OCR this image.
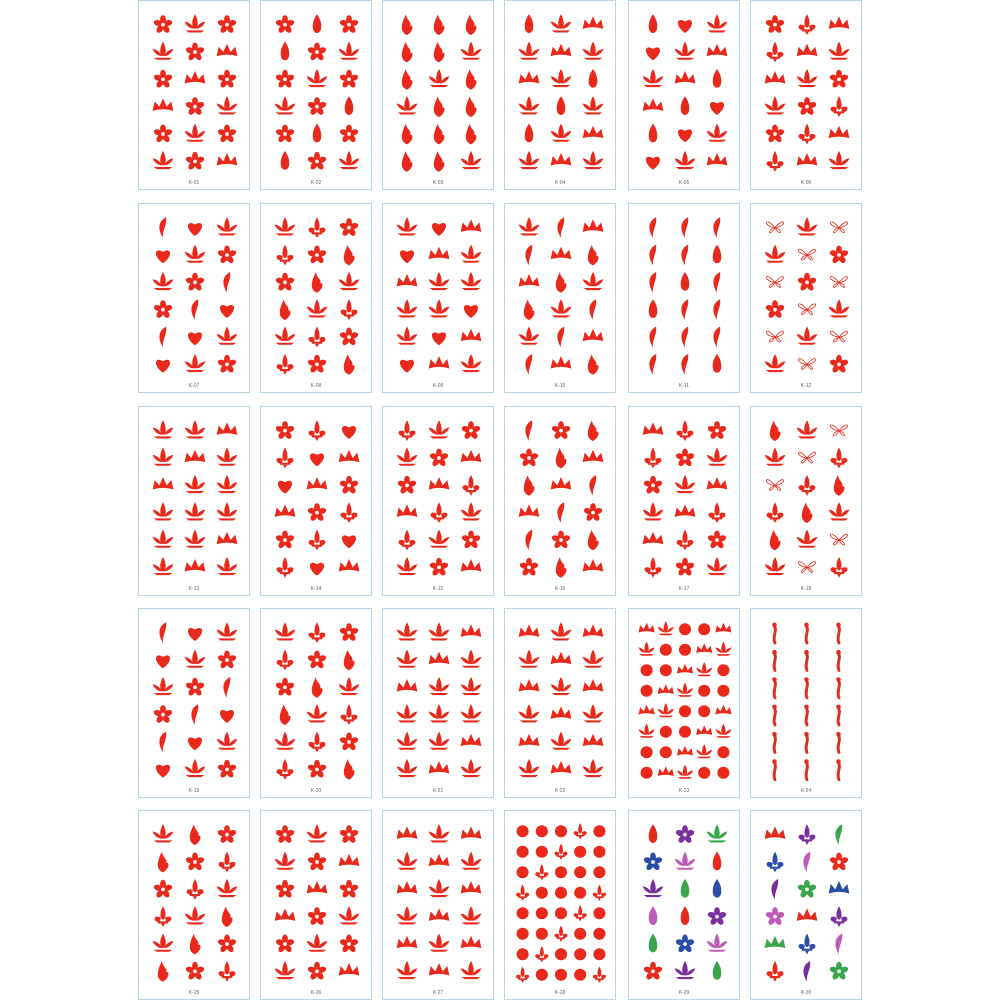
K-01	K-02	K-03	K-04	K-05	K-06
K-07	K-08	K-09	K-10	K-11	K-12
K-13	K-14	K-15	K-16	K-17	K-18
K-19	K-20	K-21	K-22	K-23	K-24
K-25	K-26	K-27	K-28	K-29	K-30
